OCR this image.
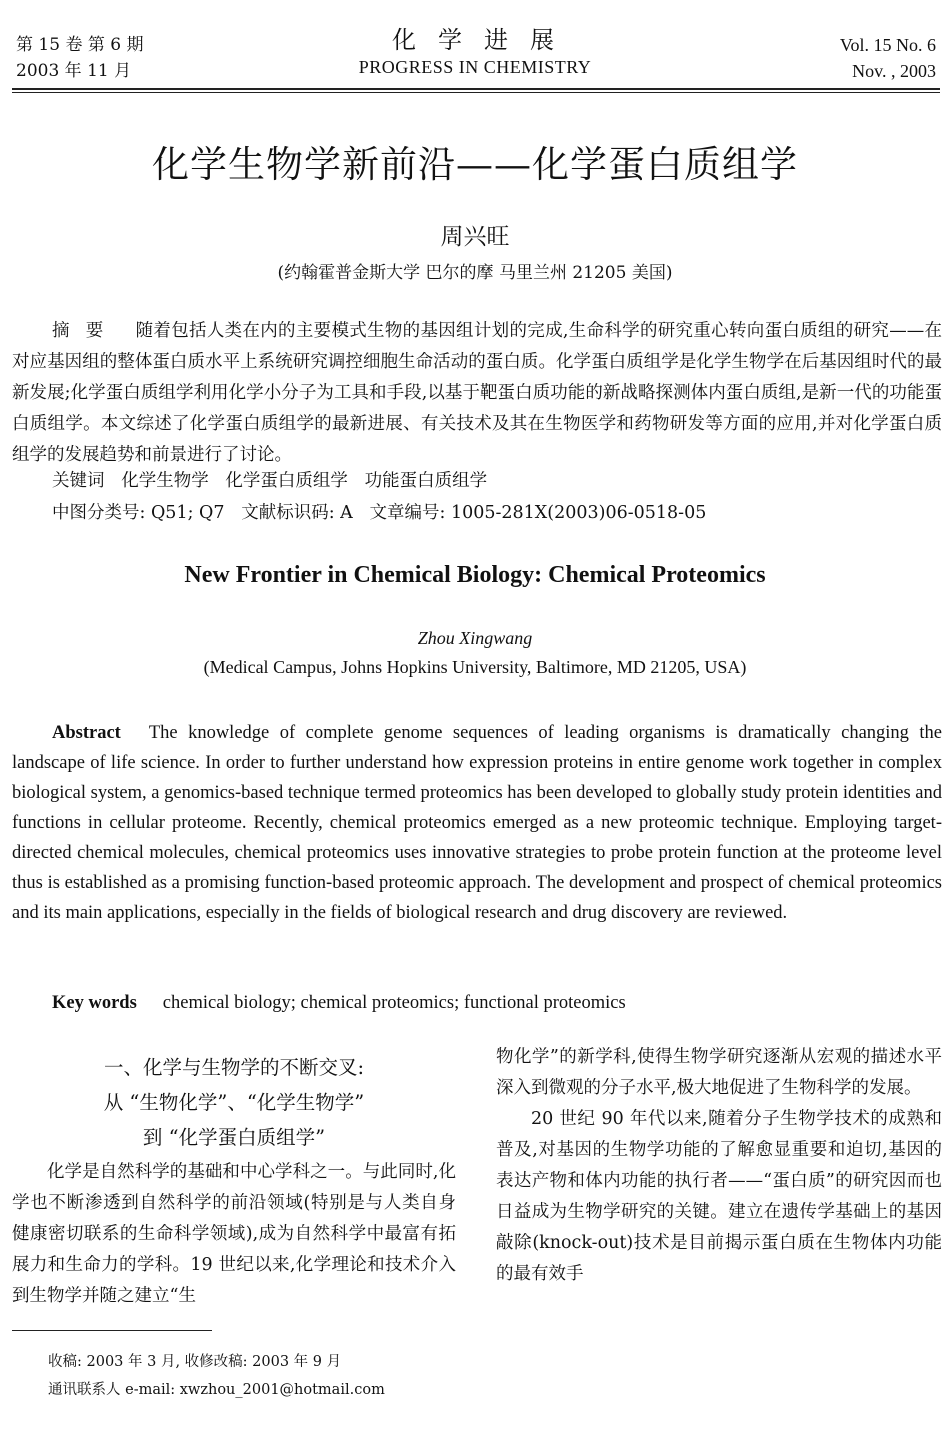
第 15 卷 第 6 期
2003 年 11 月
化学进展
PROGRESS IN CHEMISTRY
Vol. 15 No. 6
Nov. , 2003
化学生物学新前沿——化学蛋白质组学
周兴旺
(约翰霍普金斯大学 巴尔的摩 马里兰州 21205 美国)
摘要 随着包括人类在内的主要模式生物的基因组计划的完成,生命科学的研究重心转向蛋白质组的研究——在对应基因组的整体蛋白质水平上系统研究调控细胞生命活动的蛋白质。化学蛋白质组学是化学生物学在后基因组时代的最新发展;化学蛋白质组学利用化学小分子为工具和手段,以基于靶蛋白质功能的新战略探测体内蛋白质组,是新一代的功能蛋白质组学。本文综述了化学蛋白质组学的最新进展、有关技术及其在生物医学和药物研发等方面的应用,并对化学蛋白质组学的发展趋势和前景进行了讨论。
关键词   化学生物学   化学蛋白质组学   功能蛋白质组学
中图分类号: Q51; Q7   文献标识码: A   文章编号: 1005-281X(2003)06-0518-05
New Frontier in Chemical Biology: Chemical Proteomics
Zhou Xingwang
(Medical Campus, Johns Hopkins University, Baltimore, MD 21205, USA)
Abstract The knowledge of complete genome sequences of leading organisms is dramatically changing the landscape of life science. In order to further understand how expression proteins in entire genome work together in complex biological system, a genomics-based technique termed proteomics has been developed to globally study protein identities and functions in cellular proteome. Recently, chemical proteomics emerged as a new proteomic technique. Employing target-directed chemical molecules, chemical proteomics uses innovative strategies to probe protein function at the proteome level thus is established as a promising function-based proteomic approach. The development and prospect of chemical proteomics and its main applications, especially in the fields of biological research and drug discovery are reviewed.
Key words chemical biology; chemical proteomics; functional proteomics
一、化学与生物学的不断交叉:
从 “生物化学”、“化学生物学”
到 “化学蛋白质组学”
化学是自然科学的基础和中心学科之一。与此同时,化学也不断渗透到自然科学的前沿领域(特别是与人类自身健康密切联系的生命科学领域),成为自然科学中最富有拓展力和生命力的学科。19 世纪以来,化学理论和技术介入到生物学并随之建立“生

物化学”的新学科,使得生物学研究逐渐从宏观的描述水平深入到微观的分子水平,极大地促进了生物科学的发展。

20 世纪 90 年代以来,随着分子生物学技术的成熟和普及,对基因的生物学功能的了解愈显重要和迫切,基因的表达产物和体内功能的执行者——“蛋白质”的研究因而也日益成为生物学研究的关键。建立在遗传学基础上的基因敲除(knock-out)技术是目前揭示蛋白质在生物体内功能的最有效手

收稿: 2003 年 3 月, 收修改稿: 2003 年 9 月
通讯联系人 e-mail: xwzhou_2001@hotmail.com
